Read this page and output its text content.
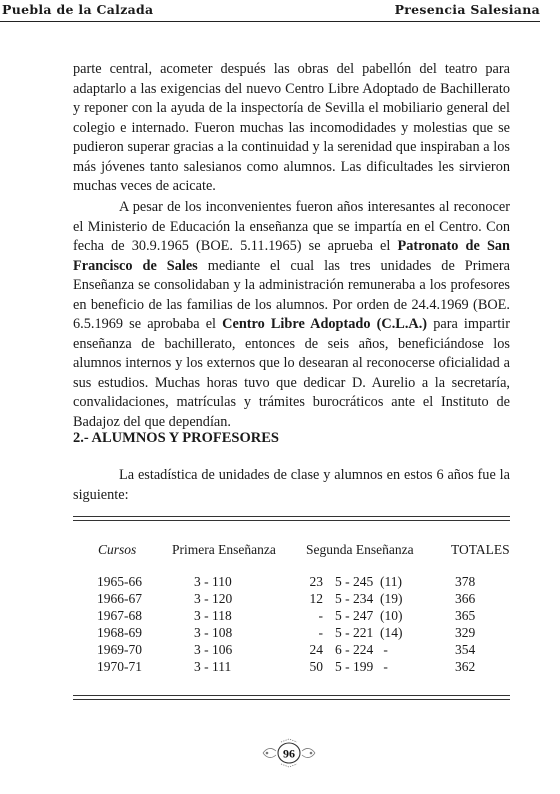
Puebla de la Calzada	Presencia Salesiana

parte central, acometer después las obras del pabellón del teatro para adaptarlo a las exigencias del nuevo Centro Libre Adoptado de Bachillerato y reponer con la ayuda de la inspectoría de Sevilla el mobiliario general del colegio e internado. Fueron muchas las incomodidades y molestias que se pudieron superar gracias a la continuidad y la serenidad que inspiraban a los más jóvenes tanto salesianos como alumnos. Las dificultades les sirvieron muchas veces de acicate.

A pesar de los inconvenientes fueron años interesantes al reconocer el Ministerio de Educación la enseñanza que se impartía en el Centro. Con fecha de 30.9.1965 (BOE. 5.11.1965) se aprueba el Patronato de San Francisco de Sales mediante el cual las tres unidades de Primera Enseñanza se consolidaban y la administración remuneraba a los profesores en beneficio de las familias de los alumnos. Por orden de 24.4.1969 (BOE. 6.5.1969 se aprobaba el Centro Libre Adoptado (C.L.A.) para impartir enseñanza de bachillerato, entonces de seis años, beneficiándose los alumnos internos y los externos que lo desearan al reconocerse oficialidad a sus estudios. Muchas horas tuvo que dedicar D. Aurelio a la secretaría, convalidaciones, matrículas y trámites burocráticos ante el Instituto de Badajoz del que dependían.

2.- ALUMNOS Y PROFESORES

La estadística de unidades de clase y alumnos en estos 6 años fue la siguiente:

Cursos	Primera Enseñanza Segunda Enseñanza	TOTALES
1965-66	3 - 110	23 5 - 245  (11)	378
1966-67	3 - 120	12 5 - 234  (19)	366
1967-68	3 - 118	- 5 - 247  (10)	365
1968-69	3 - 108	- 5 - 221  (14)	329
1969-70	3 - 106	24 6 - 224   -	354
1970-71	3 - 111	50 5 - 199   -	362
96
